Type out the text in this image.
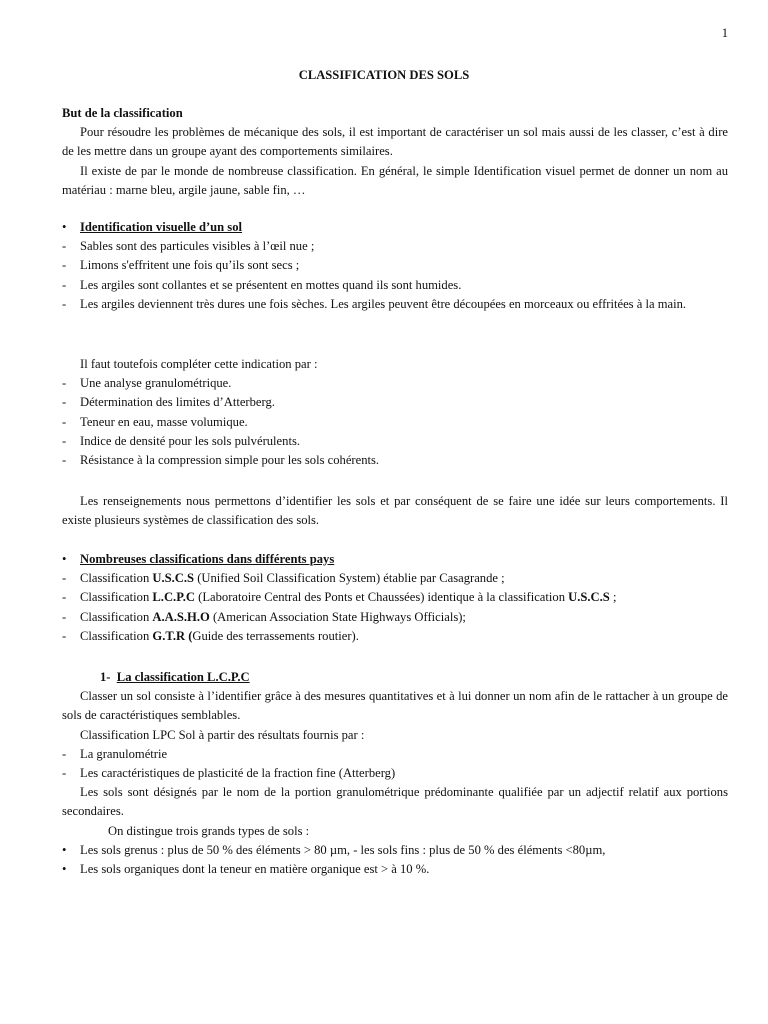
1
CLASSIFICATION DES SOLS

But de la classification

Pour résoudre les problèmes de mécanique des sols, il est important de caractériser un sol mais aussi de les classer, c’est à dire de les mettre dans un groupe ayant des comportements similaires.

Il existe de par le monde de nombreuse classification. En général, le simple Identification visuel permet de donner un nom au matériau : marne bleu, argile jaune, sable fin, …

• Identification visuelle d’un sol

- Sables sont des particules visibles à l’œil nue ;

- Limons s'effritent une fois qu’ils sont secs ;

- Les argiles sont collantes et se présentent en mottes quand ils sont humides.

- Les argiles deviennent très dures une fois sèches. Les argiles peuvent être découpées en morceaux ou effritées à la main.

Il faut toutefois compléter cette indication par :

- Une analyse granulométrique.

- Détermination des limites d’Atterberg.

- Teneur en eau, masse volumique.

- Indice de densité pour les sols pulvérulents.

- Résistance à la compression simple pour les sols cohérents.

Les renseignements nous permettons d’identifier les sols et par conséquent de se faire une idée sur leurs comportements. Il existe plusieurs systèmes de classification des sols.

• Nombreuses classifications dans différents pays

- Classification U.S.C.S (Unified Soil Classification System) établie par Casagrande ;

- Classification L.C.P.C (Laboratoire Central des Ponts et Chaussées) identique à la classification U.S.C.S ;

- Classification A.A.S.H.O (American Association State Highways Officials);

- Classification G.T.R (Guide des terrassements routier).

1- La classification L.C.P.C

Classer un sol consiste à l’identifier grâce à des mesures quantitatives et à lui donner un nom afin de le rattacher à un groupe de sols de caractéristiques semblables.

Classification LPC Sol à partir des résultats fournis par :

- La granulométrie

- Les caractéristiques de plasticité de la fraction fine (Atterberg)

Les sols sont désignés par le nom de la portion granulométrique prédominante qualifiée par un adjectif relatif aux portions secondaires.

On distingue trois grands types de sols :

• Les sols grenus : plus de 50 % des éléments > 80 µm, - les sols fins : plus de 50 % des éléments <80µm,

• Les sols organiques dont la teneur en matière organique est > à 10 %.
